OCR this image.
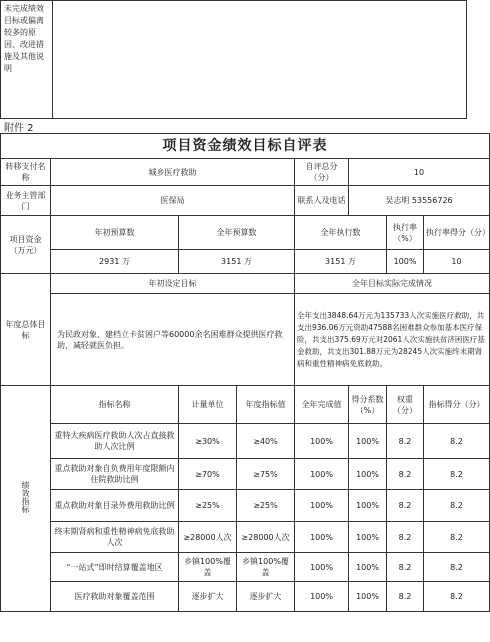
未完成绩效目标或偏离较多的原因、改进措施及其他说明	
附件 2
项目资金绩效目标自评表							
转移支付名称	城乡医疗救助			自评总分（分）	10		
业务主管部门	医保局			联系人及电话	吴志明 53556726		
项目资金（万元）	年初预算数	全年预算数		全年执行数		执行率（%）	执行率得分（分）
	2931 万	3151 万		3151 万		100%	10
年度总体目标	年初设定目标			全年目标实际完成情况			
	为民政对象、建档立卡贫困户等60000余名困难群众提供医疗救助，减轻就医负担。			全年支出3848.64万元为135733人次实施医疗救助，共支出936.06万元资助47588名困难群众参加基本医疗保险，共支出375.69万元对2061人次实施扶贫济困医疗基金救助，共支出301.88万元为28245人次实施终末期肾病和重性精神病免底救助。			
绩效指标	指标名称	计量单位	年度指标值	全年完成值	得分系数（%）	权重（分）	指标得分（分）
	重特大疾病医疗救助人次占直接救助人次比例	≥30%	≥40%	100%	100%	8.2	8.2
	重点救助对象自负费用年度限额内住院救助比例	≥70%	≥75%	100%	100%	8.2	8.2
	重点救助对象目录外费用救助比例	≥25%	≥25%	100%	100%	8.2	8.2
	终末期肾病和重性精神病免底救助人次	≥28000人次	≥28000人次	100%	100%	8.2	8.2
	“一站式”即时结算覆盖地区	乡镇100%覆盖	乡镇100%覆盖	100%	100%	8.2	8.2
	医疗救助对象覆盖范围	逐步扩大	逐步扩大	100%	100%	8.2	8.2
